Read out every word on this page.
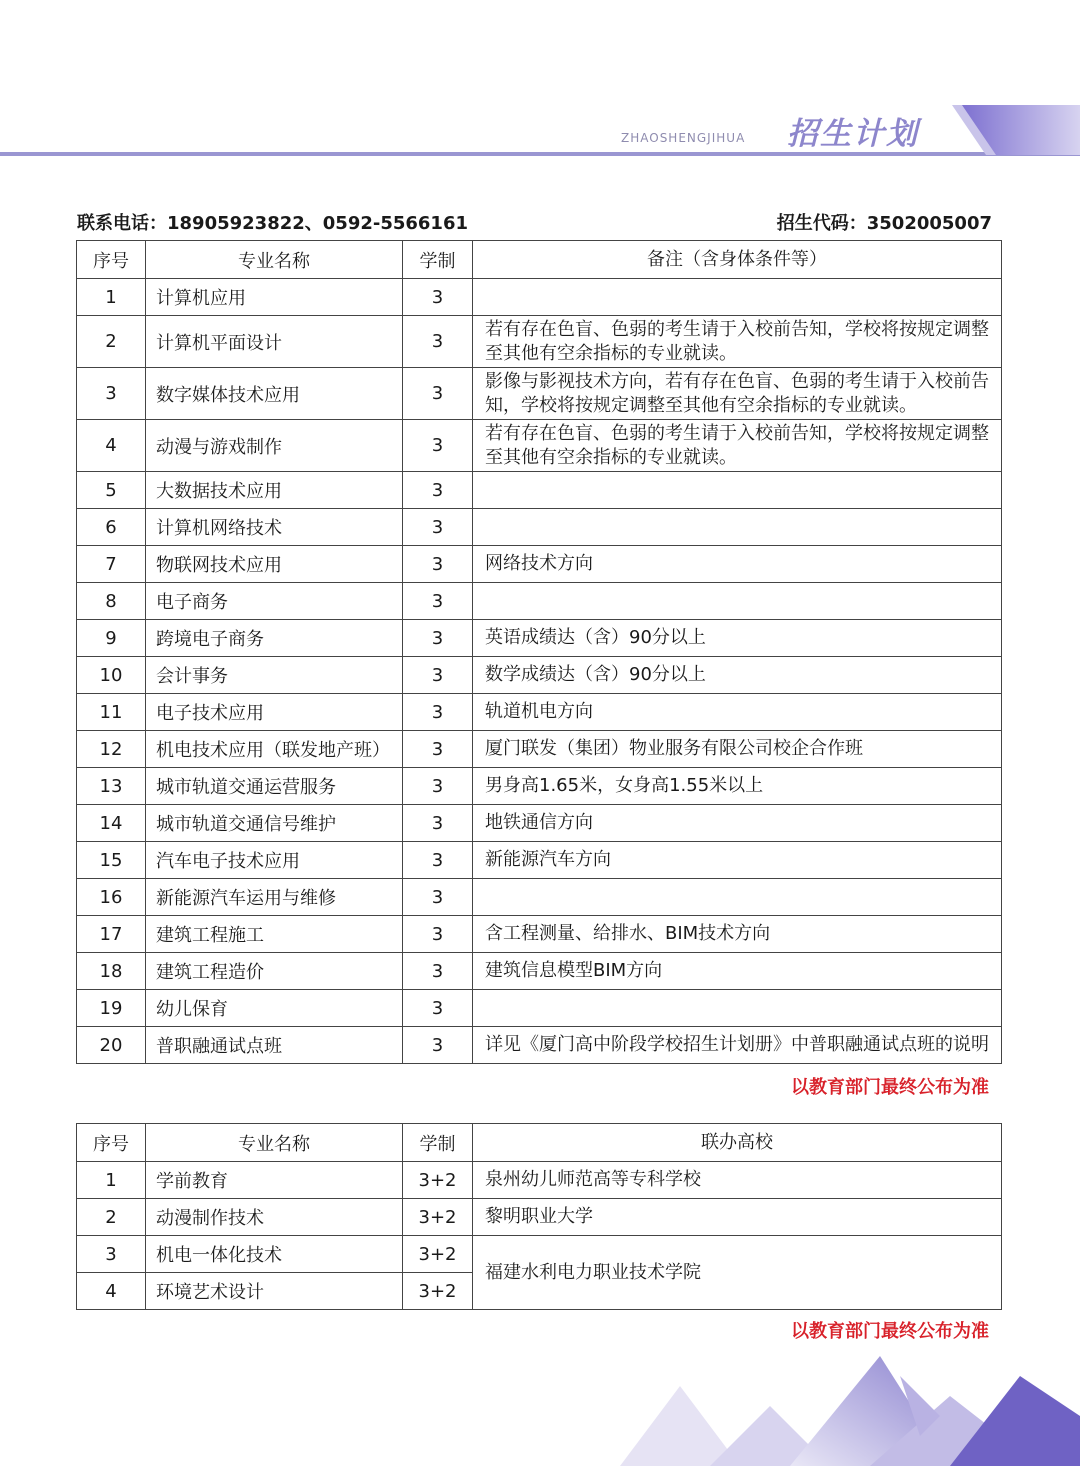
ZHAOSHENGJIHUA 招生计划
联系电话：18905923822、0592-5566161	招生代码：3502005007
序号	专业名称	学制	备注（含身体条件等）
1	计算机应用	3	
2	计算机平面设计	3	若有存在色盲、色弱的考生请于入校前告知，学校将按规定调整至其他有空余指标的专业就读。
3	数字媒体技术应用	3	影像与影视技术方向，若有存在色盲、色弱的考生请于入校前告知，学校将按规定调整至其他有空余指标的专业就读。
4	动漫与游戏制作	3	若有存在色盲、色弱的考生请于入校前告知，学校将按规定调整至其他有空余指标的专业就读。
5	大数据技术应用	3	
6	计算机网络技术	3	
7	物联网技术应用	3	网络技术方向
8	电子商务	3	
9	跨境电子商务	3	英语成绩达（含）90分以上
10	会计事务	3	数学成绩达（含）90分以上
11	电子技术应用	3	轨道机电方向
12	机电技术应用（联发地产班）	3	厦门联发（集团）物业服务有限公司校企合作班
13	城市轨道交通运营服务	3	男身高1.65米，女身高1.55米以上
14	城市轨道交通信号维护	3	地铁通信方向
15	汽车电子技术应用	3	新能源汽车方向
16	新能源汽车运用与维修	3	
17	建筑工程施工	3	含工程测量、给排水、BIM技术方向
18	建筑工程造价	3	建筑信息模型BIM方向
19	幼儿保育	3	
20	普职融通试点班	3	详见《厦门高中阶段学校招生计划册》中普职融通试点班的说明
以教育部门最终公布为准
序号	专业名称	学制	联办高校
1	学前教育	3+2	泉州幼儿师范高等专科学校
2	动漫制作技术	3+2	黎明职业大学
3	机电一体化技术	3+2	福建水利电力职业技术学院
4	环境艺术设计	3+2	
以教育部门最终公布为准
